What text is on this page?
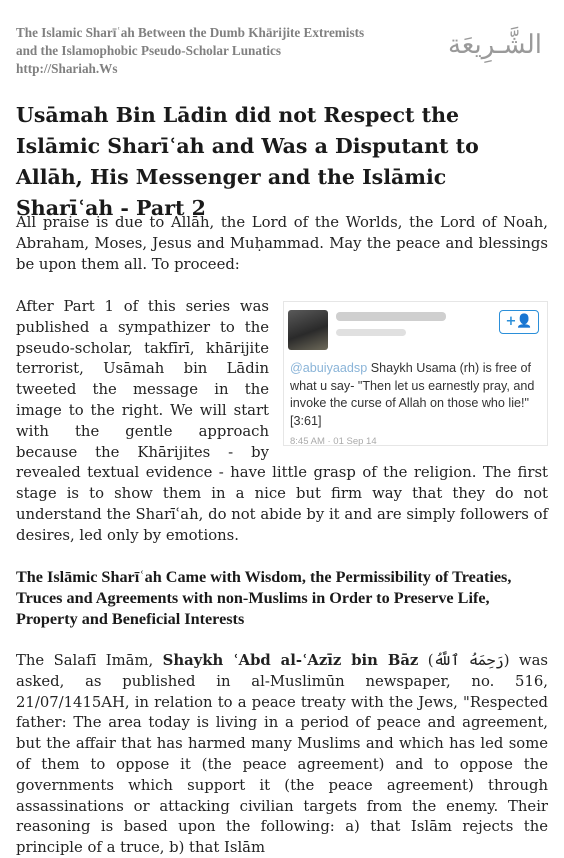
The Islamic Sharīʿah Between the Dumb Khārijite Extremists
and the Islamophobic Pseudo-Scholar Lunatics
http://Shariah.Ws
الشَّـرِيعَة
Usāmah Bin Lādin did not Respect the Islāmic Sharīʿah and Was a Disputant to Allāh, His Messenger and the Islāmic Sharīʿah - Part 2

All praise is due to Allāh, the Lord of the Worlds, the Lord of Noah, Abraham, Moses, Jesus and Muḥammad. May the peace and blessings be upon them all. To proceed:

+👤
@abuiyaadsp Shaykh Usama (rh) is free of what u say- "Then let us earnestly pray, and invoke the curse of Allah on those who lie!" [3:61]
8:45 AM · 01 Sep 14

After Part 1 of this series was published a sympathizer to the pseudo-scholar, takfīrī, khārijite terrorist, Usāmah bin Lādin tweeted the message in the image to the right. We will start with the gentle approach because the Khārijites - by revealed textual evidence - have little grasp of the religion. The first stage is to show them in a nice but firm way that they do not understand the Sharīʿah, do not abide by it and are simply followers of desires, led only by emotions.

The Islāmic Sharīʿah Came with Wisdom, the Permissibility of Treaties, Truces and Agreements with non-Muslims in Order to Preserve Life, Property and Beneficial Interests

The Salafī Imām, Shaykh ʿAbd al-ʿAzīz bin Bāz (رَحِمَهُ ٱللَّهُ) was asked, as published in al-Muslimūn newspaper, no. 516, 21/07/1415AH, in relation to a peace treaty with the Jews, "Respected father: The area today is living in a period of peace and agreement, but the affair that has harmed many Muslims and which has led some of them to oppose it (the peace agreement) and to oppose the governments which support it (the peace agreement) through assassinations or attacking civilian targets from the enemy. Their reasoning is based upon the following: a) that Islām rejects the principle of a truce, b) that Islām
